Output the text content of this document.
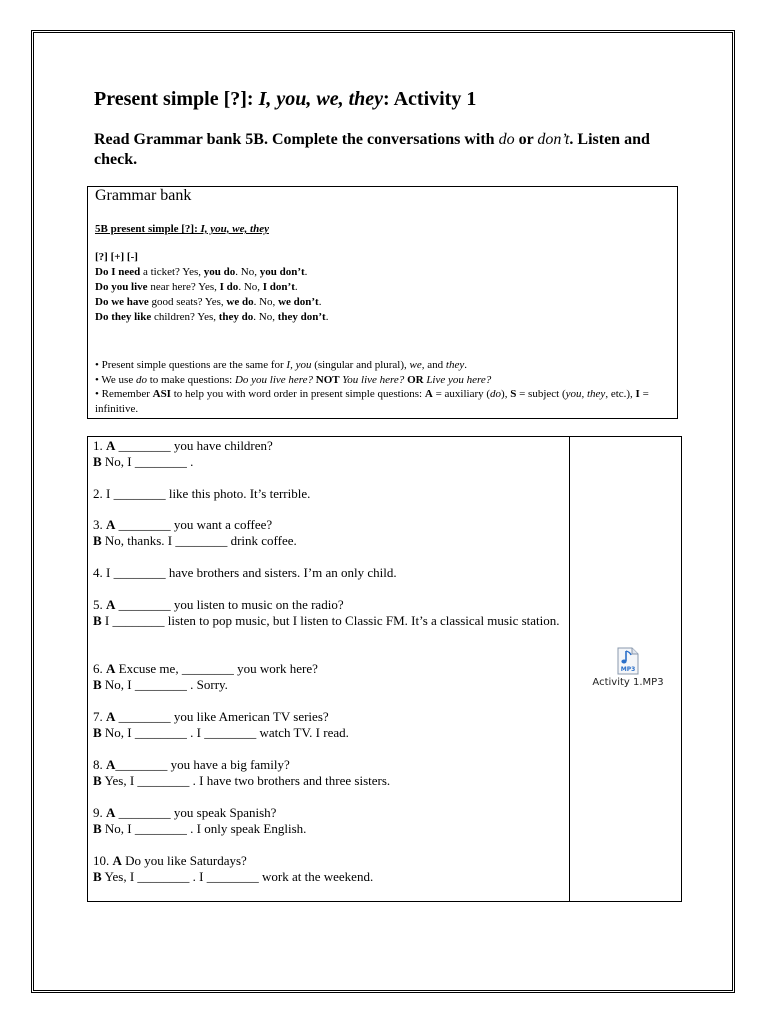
Present simple [?]: I, you, we, they: Activity 1
Read Grammar bank 5B. Complete the conversations with do or don’t. Listen and check.
Grammar bank
5B present simple [?]: I, you, we, they
[?] [+] [-]
Do I need a ticket? Yes, you do. No, you don’t.
Do you live near here? Yes, I do. No, I don’t.
Do we have good seats? Yes, we do. No, we don’t.
Do they like children? Yes, they do. No, they don’t.
• Present simple questions are the same for I, you (singular and plural), we, and they.
• We use do to make questions: Do you live here? NOT You live here? OR Live you here?
• Remember ASI to help you with word order in present simple questions: A = auxiliary (do), S = subject (you, they, etc.), I = infinitive.
1. A ________ you have children?
B No, I ________ .
2. I ________ like this photo. It’s terrible.
3. A ________ you want a coffee?
B No, thanks. I ________ drink coffee.
4. I ________ have brothers and sisters. I’m an only child.
5. A ________ you listen to music on the radio?
B I ________ listen to pop music, but I listen to Classic FM. It’s a classical music station.
6. A Excuse me, ________ you work here?
B No, I ________ . Sorry.
7. A ________ you like American TV series?
B No, I ________ . I ________ watch TV. I read.
8. A________ you have a big family?
B Yes, I ________ . I have two brothers and three sisters.
9. A ________ you speak Spanish?
B No, I ________ . I only speak English.
10. A Do you like Saturdays?
B Yes, I ________ . I ________ work at the weekend.
MP3
Activity 1.MP3
